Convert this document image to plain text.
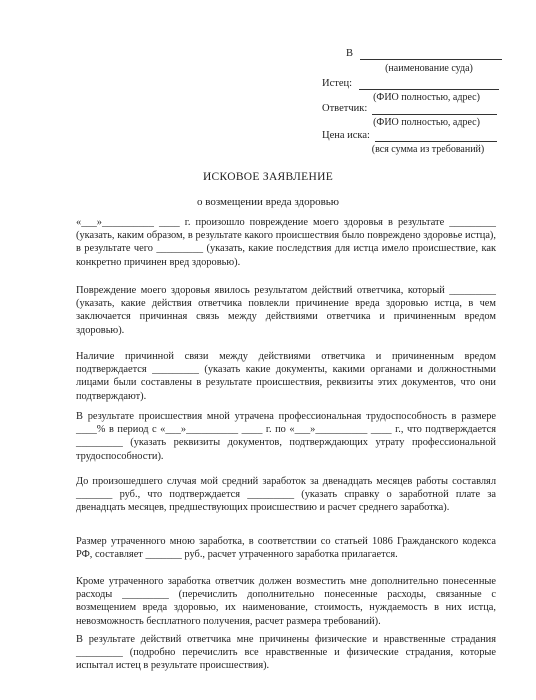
В
(наименование суда)
Истец:
(ФИО полностью, адрес)
Ответчик:
(ФИО полностью, адрес)
Цена иска:
(вся сумма из требований)
ИСКОВОЕ ЗАЯВЛЕНИЕ
о возмещении вреда здоровью

«___»__________ ____ г. произошло повреждение моего здоровья в результате _________ (указать, каким образом, в результате какого происшествия было повреждено здоровье истца), в результате чего _________ (указать, какие последствия для истца имело происшествие, как конкретно причинен вред здоровью).

Повреждение моего здоровья явилось результатом действий ответчика, который _________ (указать, какие действия ответчика повлекли причинение вреда здоровью истца, в чем заключается причинная связь между действиями ответчика и причиненным вредом здоровью).

Наличие причинной связи между действиями ответчика и причиненным вредом подтверждается _________ (указать какие документы, какими органами и должностными лицами были составлены в результате происшествия, реквизиты этих документов, что они подтверждают).

В результате происшествия мной утрачена профессиональная трудоспособность в размере ____% в период с «___»__________ ____ г. по «___»__________ ____ г., что подтверждается _________ (указать реквизиты документов, подтверждающих утрату профессиональной трудоспособности).

До произошедшего случая мой средний заработок за двенадцать месяцев работы составлял _______ руб., что подтверждается _________ (указать справку о заработной плате за двенадцать месяцев, предшествующих происшествию и расчет среднего заработка).

Размер утраченного мною заработка, в соответствии со статьей 1086 Гражданского кодекса РФ, составляет _______ руб., расчет утраченного заработка прилагается.

Кроме утраченного заработка ответчик должен возместить мне дополнительно понесенные расходы _________ (перечислить дополнительно понесенные расходы, связанные с возмещением вреда здоровью, их наименование, стоимость, нуждаемость в них истца, невозможность бесплатного получения, расчет размера требований).

В результате действий ответчика мне причинены физические и нравственные страдания _________ (подробно перечислить все нравственные и физические страдания, которые испытал истец в результате происшествия).
